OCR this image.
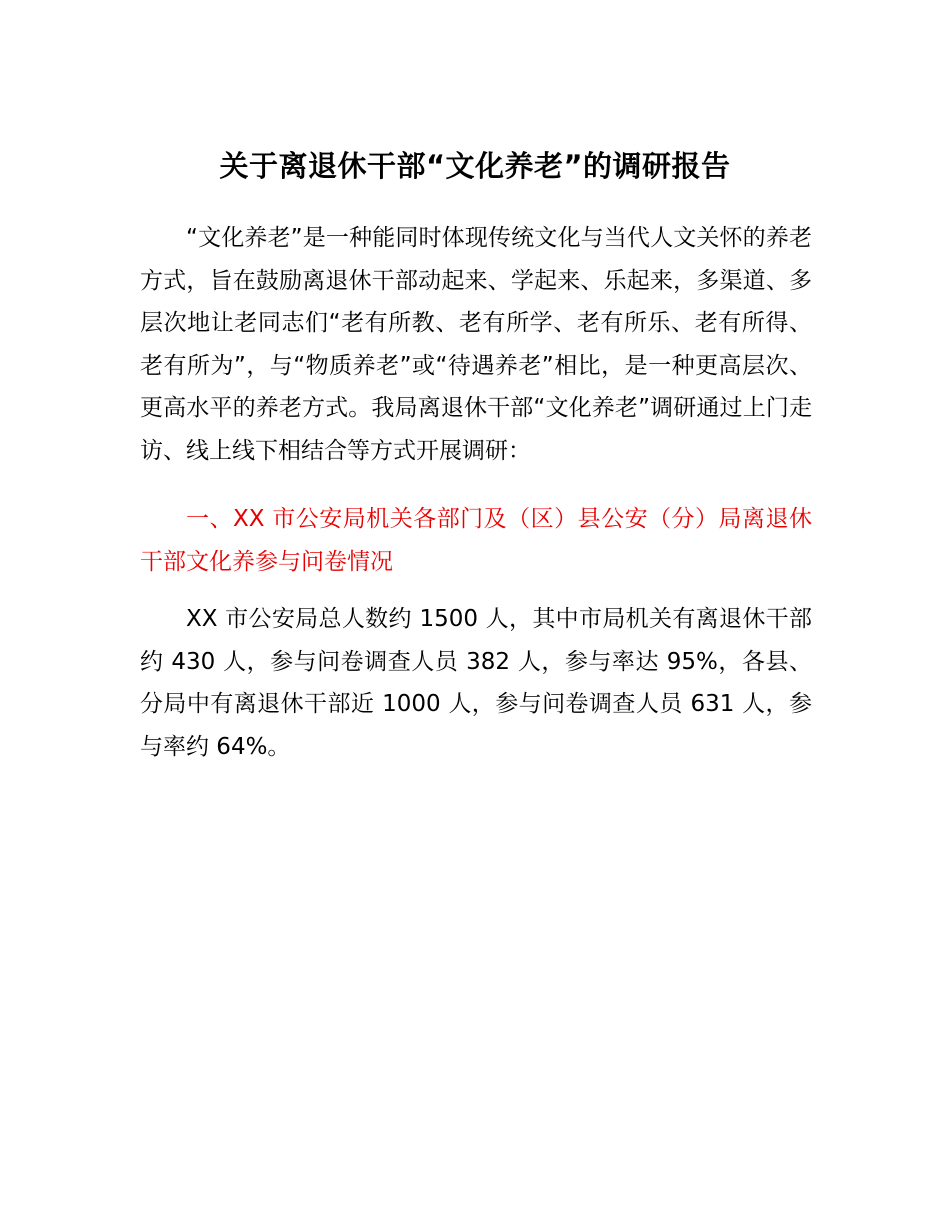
关于离退休干部“文化养老”的调研报告

“文化养老”是一种能同时体现传统文化与当代人文关怀的养老方式，旨在鼓励离退休干部动起来、学起来、乐起来，多渠道、多层次地让老同志们“老有所教、老有所学、老有所乐、老有所得、老有所为”，与“物质养老”或“待遇养老”相比，是一种更高层次、更高水平的养老方式。我局离退休干部“文化养老”调研通过上门走访、线上线下相结合等方式开展调研：

一、XX 市公安局机关各部门及（区）县公安（分）局离退休干部文化养参与问卷情况

XX 市公安局总人数约 1500 人，其中市局机关有离退休干部约 430 人，参与问卷调查人员 382 人，参与率达 95%，各县、分局中有离退休干部近 1000 人，参与问卷调查人员 631 人，参与率约 64%。
